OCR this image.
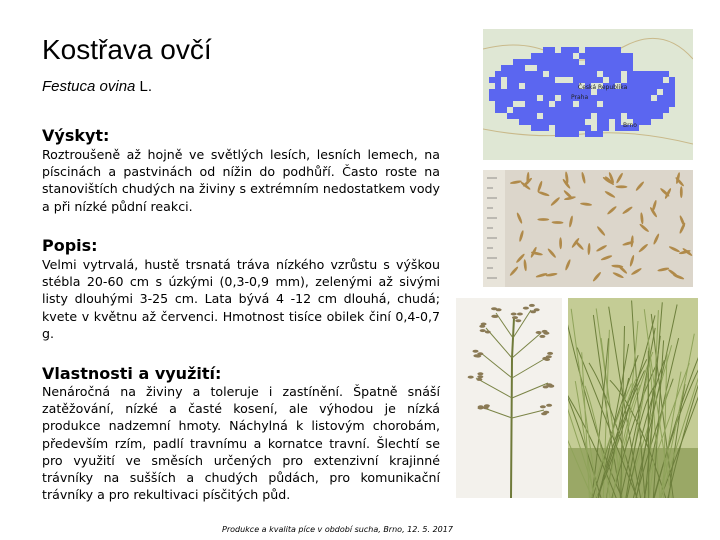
Kostřava ovčí
Festuca ovina L.
Výskyt:

Roztroušeně až hojně ve světlých lesích, lesních lemech, na píscinách a pastvinách od nížin do podhůří. Často roste na stanovištích chudých na živiny s extrémním nedostatkem vody a při nízké půdní reakci.

Popis:

Velmi vytrvalá, hustě trsnatá tráva nízkého vzrůstu s výškou stébla 20-60 cm s úzkými (0,3-0,9 mm), zelenými až sivými listy dlouhými 3-25 cm. Lata bývá 4 -12 cm dlouhá, chudá; kvete v květnu až červenci. Hmotnost tisíce obilek činí 0,4-0,7 g.

Vlastnosti a využití:

Nenáročná na živiny a toleruje i zastínění. Špatně snáší zatěžování, nízké a časté kosení, ale výhodou je nízká produkce nadzemní hmoty. Náchylná k listovým chorobám, především rzím, padlí travnímu a kornatce travní. Šlechtí se pro využití ve směsích určených pro extenzivní krajinné trávníky na sušších a chudých půdách, pro komunikační trávníky a pro rekultivaci písčitých půd.

Česká Republika
Praha
Brno
Produkce a kvalita píce v období sucha, Brno, 12. 5. 2017
